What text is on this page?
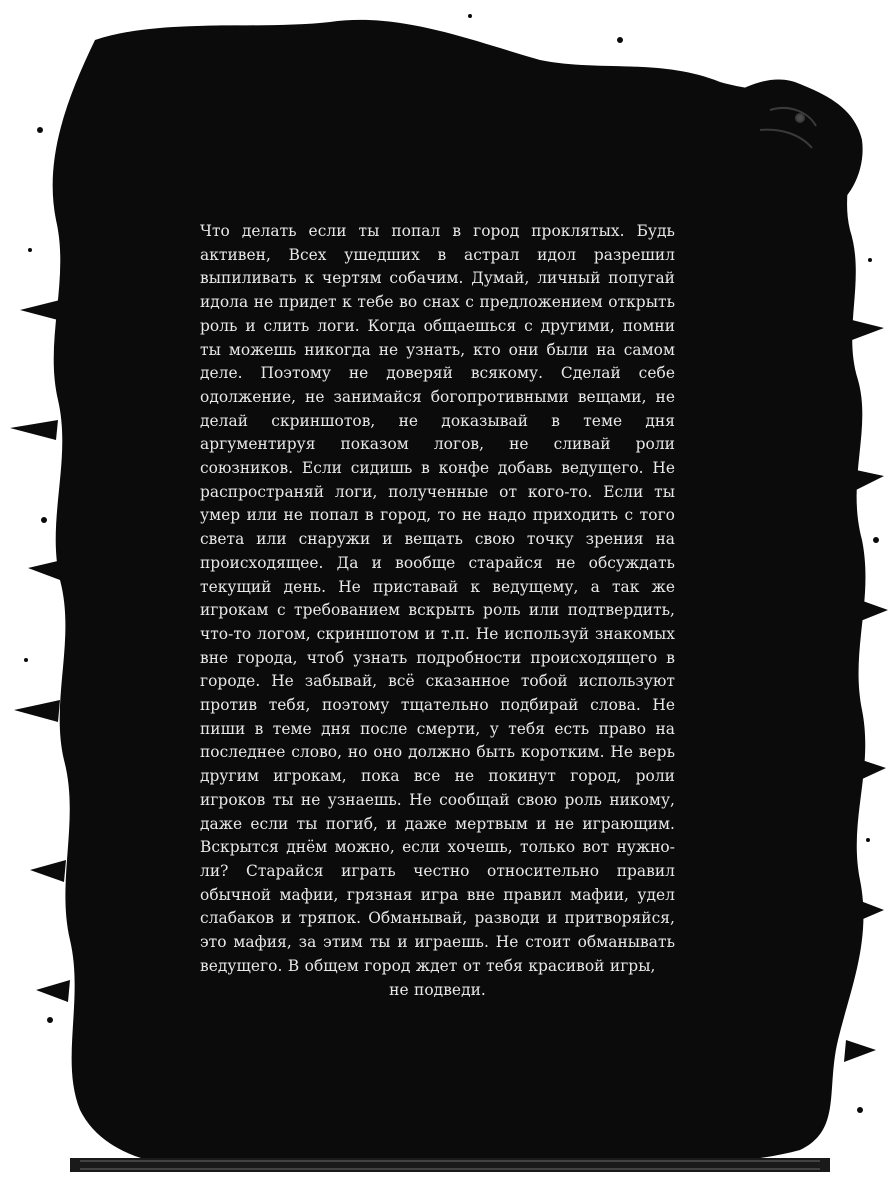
Что делать если ты попал в город проклятых. Будь активен, Всех ушедших в астрал идол разрешил выпиливать к чертям собачим. Думай, личный попугай идола не придет к тебе во снах с предложением открыть роль и слить логи. Когда общаешься с другими, помни ты можешь никогда не узнать, кто они были на самом деле. Поэтому не доверяй всякому. Сделай себе одолжение, не занимайся богопротивными вещами, не делай скриншотов, не доказывай в теме дня аргументируя показом логов, не сливай роли союзников. Если сидишь в конфе добавь ведущего. Не распространяй логи, полученные от кого-то. Если ты умер или не попал в город, то не надо приходить с того света или снаружи и вещать свою точку зрения на происходящее. Да и вообще старайся не обсуждать текущий день. Не приставай к ведущему, а так же игрокам с требованием вскрыть роль или подтвердить, что-то логом, скриншотом и т.п. Не используй знакомых вне города, чтоб узнать подробности происходящего в городе. Не забывай, всё сказанное тобой используют против тебя, поэтому тщательно подбирай слова. Не пиши в теме дня после смерти, у тебя есть право на последнее слово, но оно должно быть коротким. Не верь другим игрокам, пока все не покинут город, роли игроков ты не узнаешь. Не сообщай свою роль никому, даже если ты погиб, и даже мертвым и не играющим. Вскрытся днём можно, если хочешь, только вот нужно-ли? Старайся играть честно относительно правил обычной мафии, грязная игра вне правил мафии, удел слабаков и тряпок. Обманывай, разводи и притворяйся, это мафия, за этим ты и играешь. Не стоит обманывать ведущего. В общем город ждет от тебя красивой игры,
не подведи.
